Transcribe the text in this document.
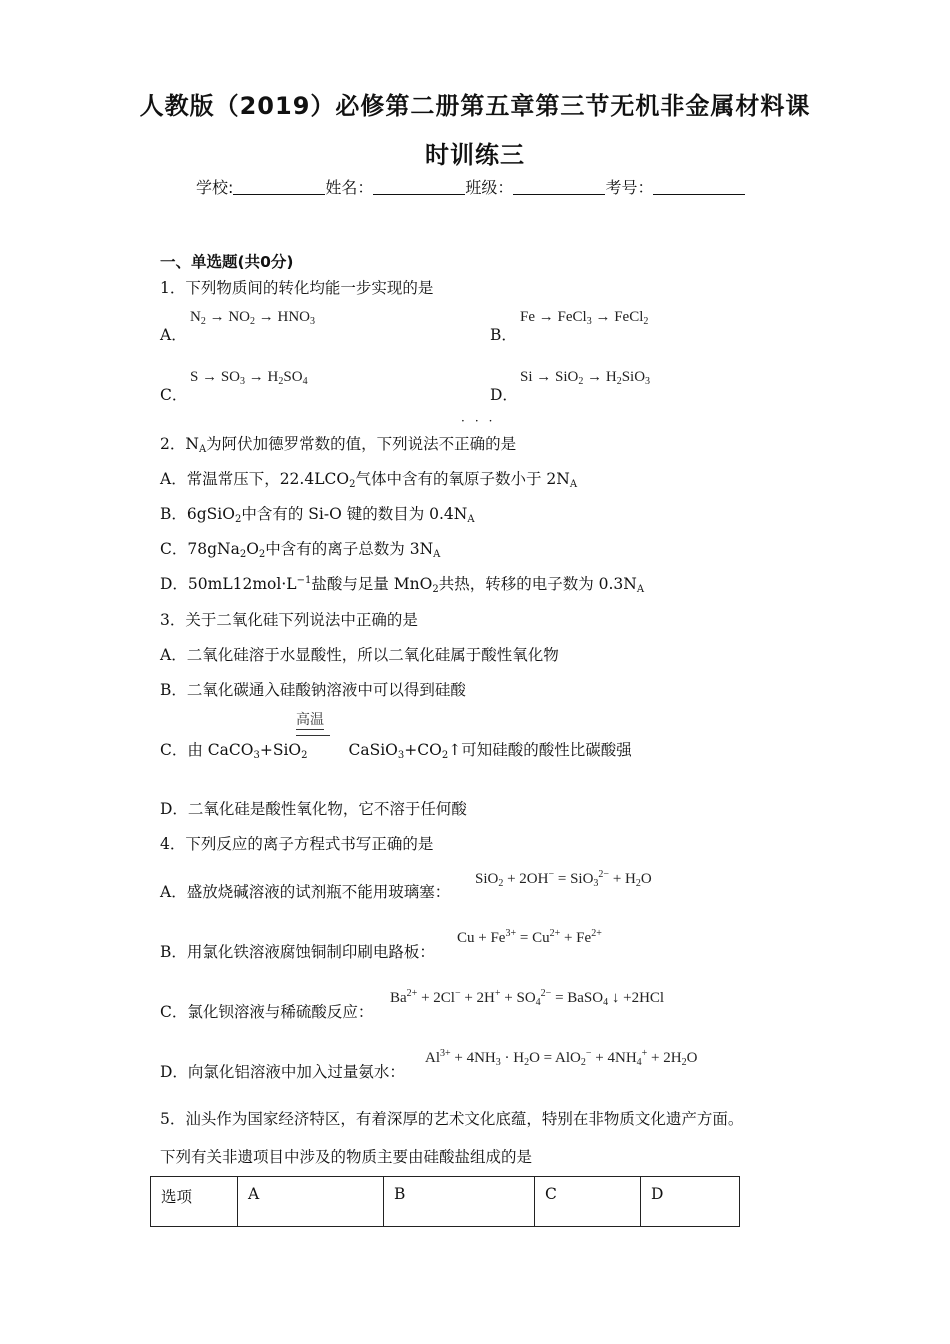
人教版（2019）必修第二册第五章第三节无机非金属材料课
时训练三
学校:	姓名：	班级：	考号：
一、单选题(共0分)
1．下列物质间的转化均能一步实现的是
A．
$N_2 \to NO_2 \to HNO_3$
B．
Fe → FeCl$_3$ → FeCl$_2$
C．
$S \to SO_3 \to H_2SO_4$
D．
$Si \to SiO_2 \to H_2SiO_3$
···
2．$N_A$为阿伏加德罗常数的值，下列说法不正确的是
A．常温常压下，$22.4LCO_2$气体中含有的氧原子数小于 $2N_A$
B．6gSiO$_2$中含有的 Si-O 键的数目为 $0.4N_A$
C．$78gNa_2O_2$中含有的离子总数为 $3N_A$
D．$50mL12mol\cdot L^{-1}$盐酸与足量 MnO$_2$共热，转移的电子数为 $0.3N_A$
3．关于二氧化硅下列说法中正确的是
A．二氧化硅溶于水显酸性，所以二氧化硅属于酸性氧化物
B．二氧化碳通入硅酸钠溶液中可以得到硅酸
高温
C．由 CaCO$_3$+SiO$_2$	$CaSiO_3+CO_2↑$可知硅酸的酸性比碳酸强
D．二氧化硅是酸性氧化物，它不溶于任何酸
4．下列反应的离子方程式书写正确的是
A．盛放烧碱溶液的试剂瓶不能用玻璃塞：
$SiO_2 + 2OH^- = SiO_3^{2-} + H_2O$
B．用氯化铁溶液腐蚀铜制印刷电路板：
$Cu + Fe^{3+} = Cu^{2+} + Fe^{2+}$
C．氯化钡溶液与稀硫酸反应：
$Ba^{2+} + 2Cl^- + 2H^+ + SO_4^{2-}$ = BaSO$_4$ ↓ +2HCl
D．向氯化铝溶液中加入过量氨水：
$Al^{3+} + 4NH_3 \cdot H_2O = AlO_2^- + 4NH_4^+ + 2H_2O$
5．汕头作为国家经济特区，有着深厚的艺术文化底蕴，特别在非物质文化遗产方面。
下列有关非遗项目中涉及的物质主要由硅酸盐组成的是
选项	A	B	C	D
